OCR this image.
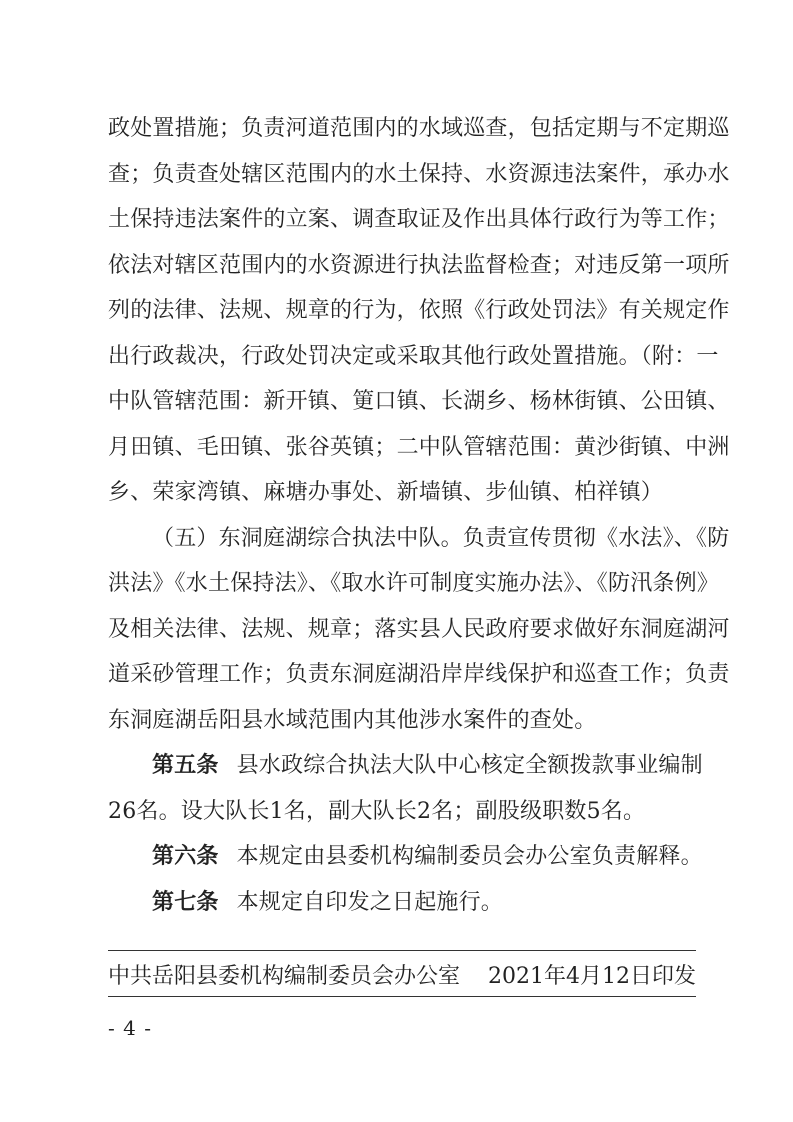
政处置措施；负责河道范围内的水域巡查，包括定期与不定期巡
查；负责查处辖区范围内的水土保持、水资源违法案件，承办水
土保持违法案件的立案、调查取证及作出具体行政行为等工作；
依法对辖区范围内的水资源进行执法监督检查；对违反第一项所
列的法律、法规、规章的行为，依照《行政处罚法》有关规定作
出行政裁决，行政处罚决定或采取其他行政处置措施。（附：一
中队管辖范围：新开镇、筻口镇、长湖乡、杨林街镇、公田镇、
月田镇、毛田镇、张谷英镇；二中队管辖范围：黄沙街镇、中洲
乡、荣家湾镇、麻塘办事处、新墙镇、步仙镇、柏祥镇）
（五）东洞庭湖综合执法中队。负责宣传贯彻《水法》、《防
洪法》《水土保持法》、《取水许可制度实施办法》、《防汛条例》
及相关法律、法规、规章；落实县人民政府要求做好东洞庭湖河
道采砂管理工作；负责东洞庭湖沿岸岸线保护和巡查工作；负责
东洞庭湖岳阳县水域范围内其他涉水案件的查处。
第五条 县水政综合执法大队中心核定全额拨款事业编制
26名。设大队长1名，副大队长2名；副股级职数5名。
第六条 本规定由县委机构编制委员会办公室负责解释。
第七条 本规定自印发之日起施行。
中共岳阳县委机构编制委员会办公室 2021年4月12日印发
- 4 -
